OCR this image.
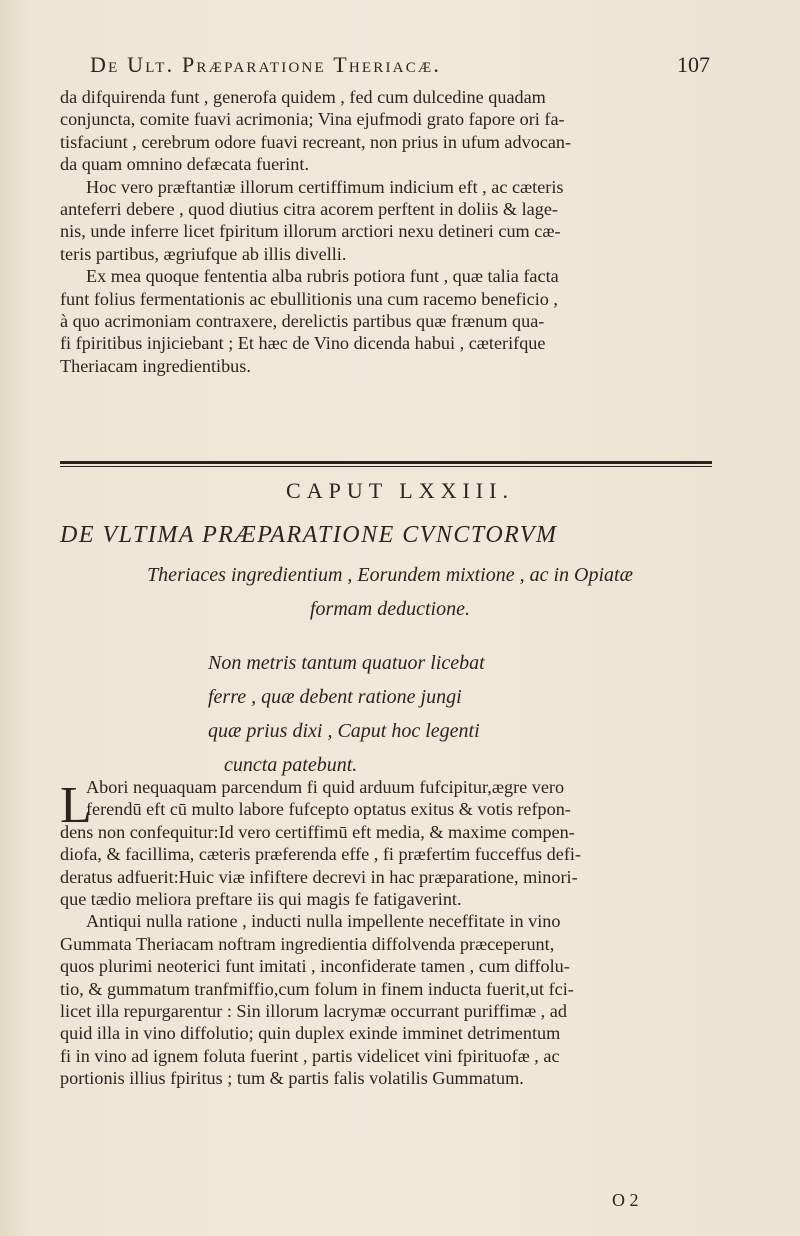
De Ult. Præparatione Theriacæ.	107
da difquirenda funt , generofa quidem , fed cum dulcedine quadam
conjuncta, comite fuavi acrimonia; Vina ejufmodi grato fapore ori fa-
tisfaciunt , cerebrum odore fuavi recreant, non prius in ufum advocan-
da quam omnino defæcata fuerint.
Hoc vero præftantiæ illorum certiffimum indicium eft , ac cæteris
anteferri debere , quod diutius citra acorem perftent in doliis & lage-
nis, unde inferre licet fpiritum illorum arctiori nexu detineri cum cæ-
teris partibus, ægriufque ab illis divelli.
Ex mea quoque fententia alba rubris potiora funt , quæ talia facta
funt folius fermentationis ac ebullitionis una cum racemo beneficio ,
à quo acrimoniam contraxere, derelictis partibus quæ frænum qua-
fi fpiritibus injiciebant ; Et hæc de Vino dicenda habui , cæterifque
Theriacam ingredientibus.
CAPUT LXXIII.
DE VLTIMA PRÆPARATIONE CVNCTORVM
Theriaces ingredientium , Eorundem mixtione , ac in Opiatæ
formam deductione.
Non metris tantum quatuor licebat
ferre , quæ debent ratione jungi
quæ prius dixi , Caput hoc legenti
cuncta patebunt.
L
Abori nequaquam parcendum fi quid arduum fufcipitur,ægre vero
ferendū eft cū multo labore fufcepto optatus exitus & votis refpon-
dens non confequitur:Id vero certiffimū eft media, & maxime compen-
diofa, & facillima, cæteris præferenda effe , fi præfertim fucceffus defi-
deratus adfuerit:Huic viæ infiftere decrevi in hac præparatione, minori-
que tædio meliora preftare iis qui magis fe fatigaverint.
Antiqui nulla ratione , inducti nulla impellente neceffitate in vino
Gummata Theriacam noftram ingredientia diffolvenda præceperunt,
quos plurimi neoterici funt imitati , inconfiderate tamen , cum diffolu-
tio, & gummatum tranfmiffio,cum folum in finem inducta fuerit,ut fci-
licet illa repurgarentur : Sin illorum lacrymæ occurrant puriffimæ , ad
quid illa in vino diffolutio; quin duplex exinde imminet detrimentum
fi in vino ad ignem foluta fuerint , partis videlicet vini fpirituofæ , ac
portionis illius fpiritus ; tum & partis falis volatilis Gummatum.
O 2
